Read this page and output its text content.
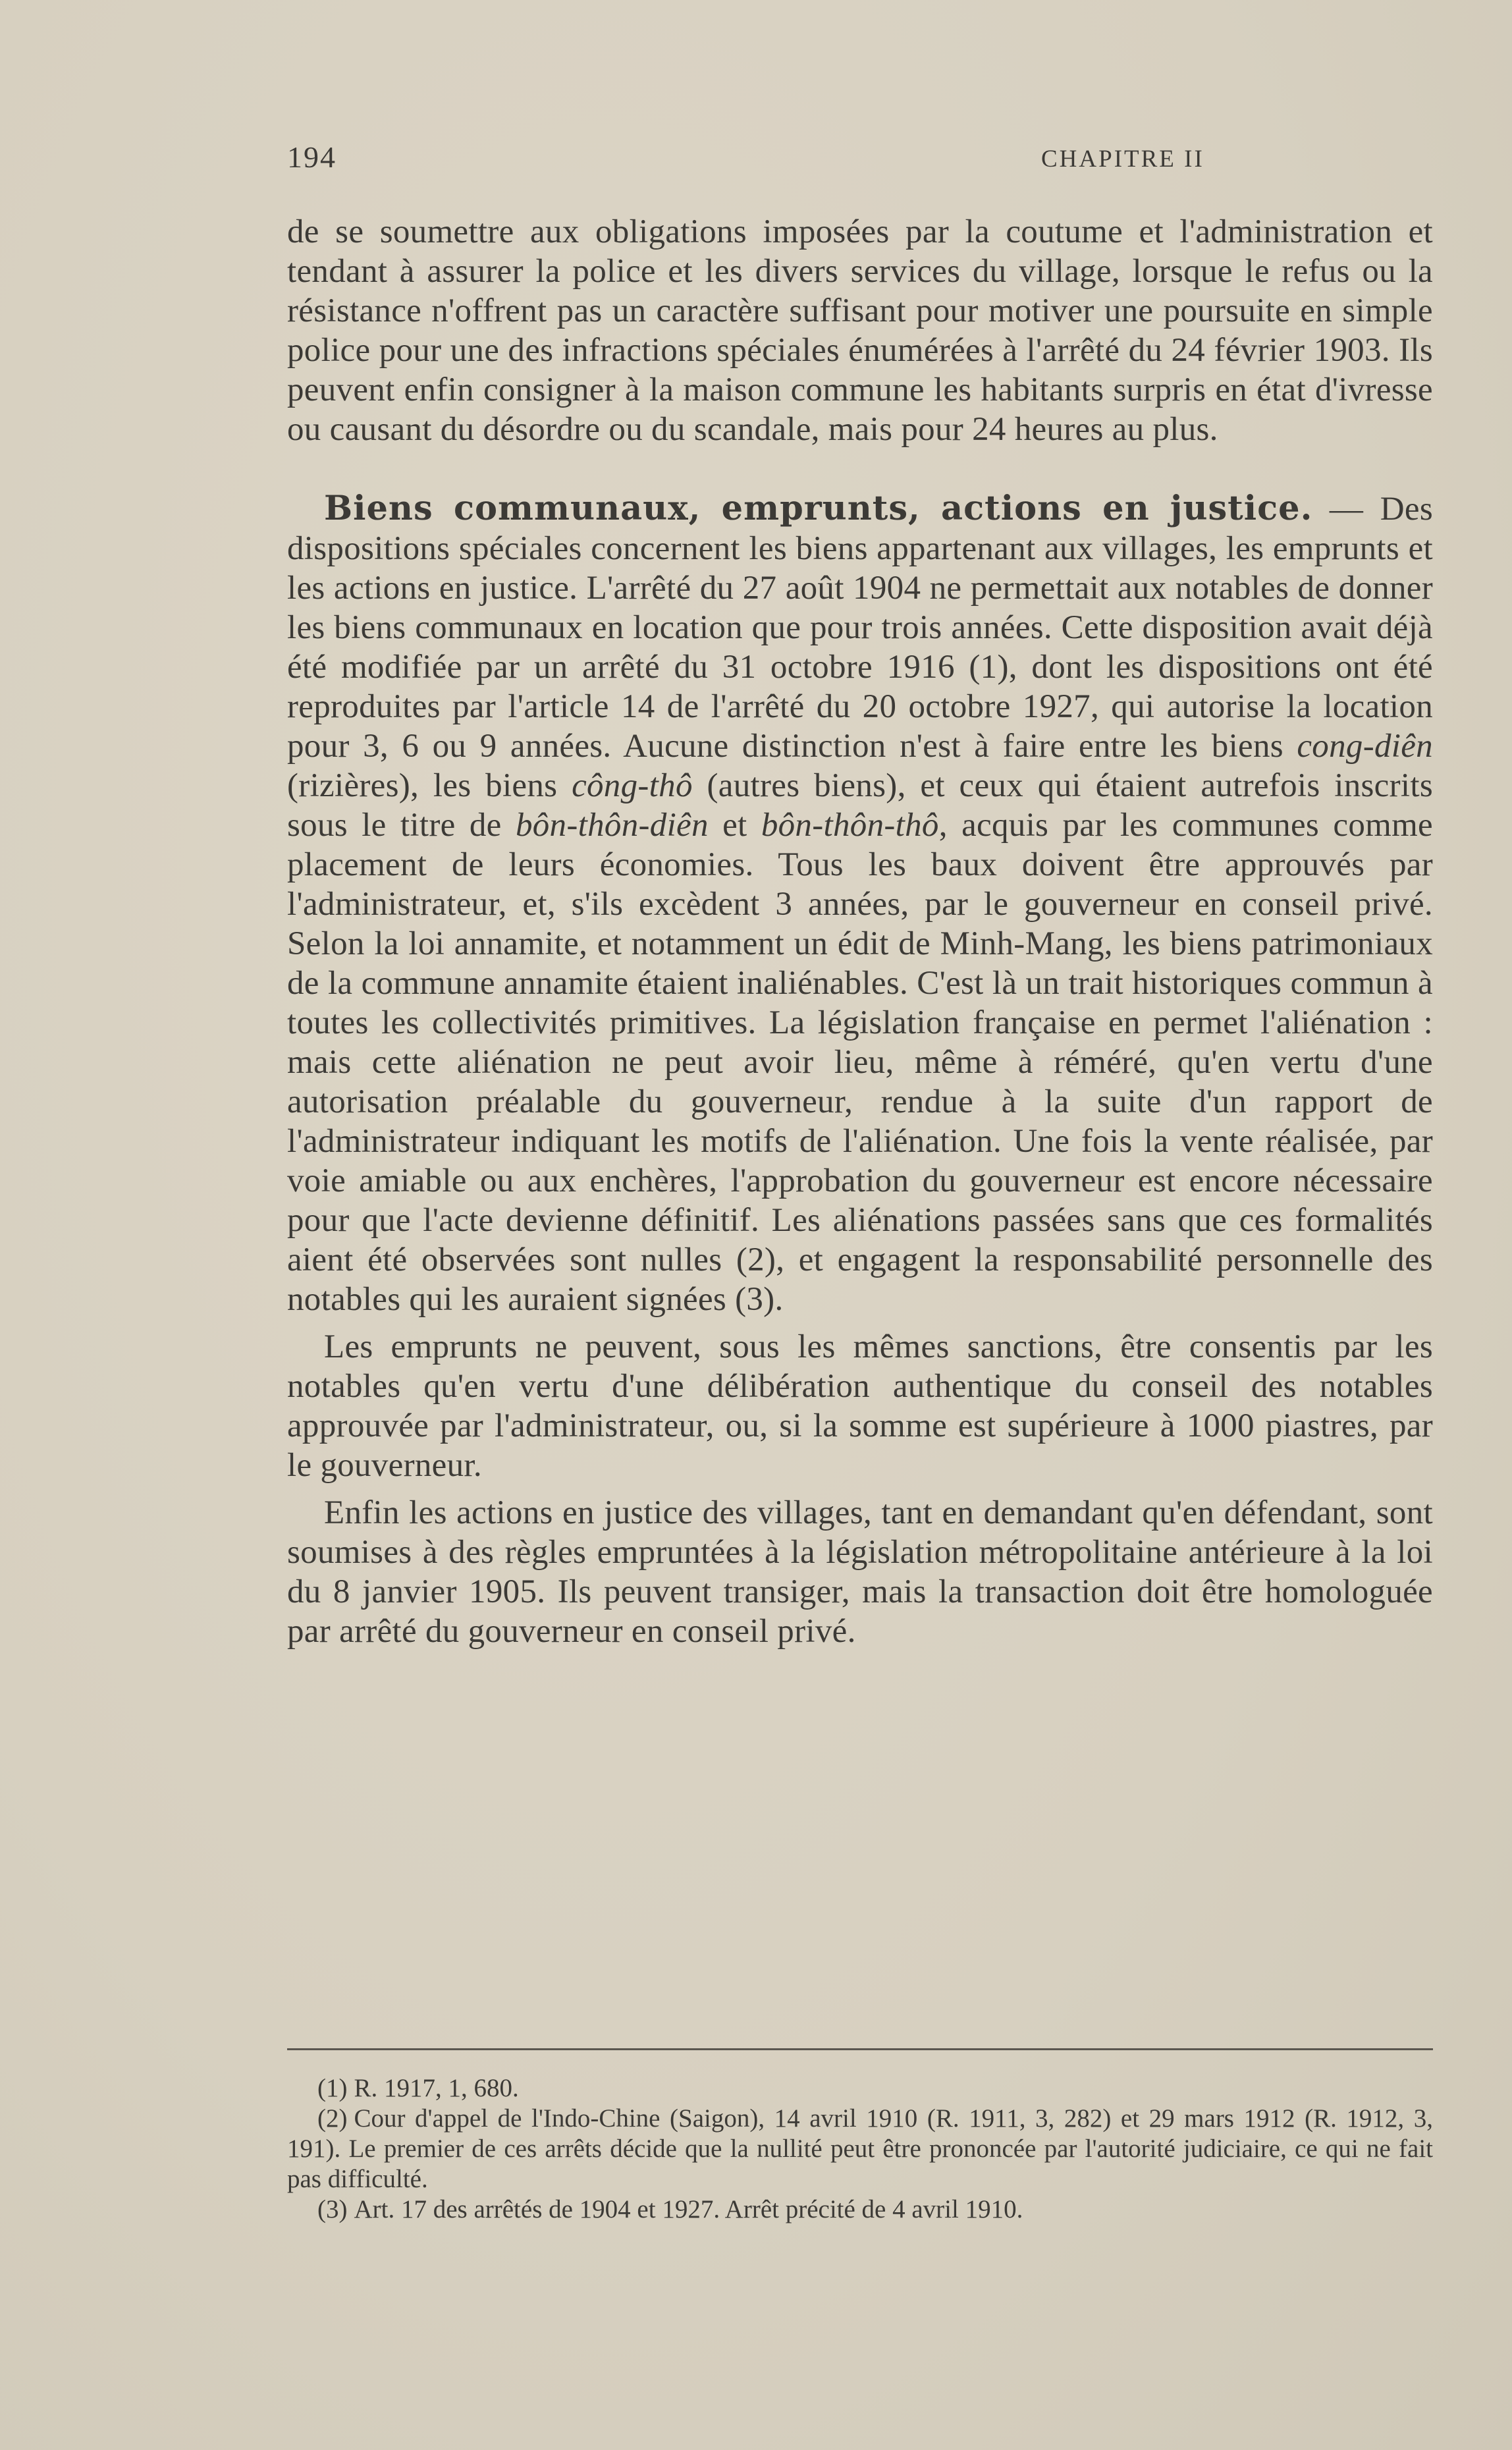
194	CHAPITRE II

de se soumettre aux obligations imposées par la coutume et l'administration et tendant à assurer la police et les divers services du village, lorsque le refus ou la résistance n'offrent pas un caractère suffisant pour motiver une poursuite en simple police pour une des infractions spéciales énumérées à l'arrêté du 24 février 1903. Ils peuvent enfin consigner à la maison commune les habitants surpris en état d'ivresse ou causant du désordre ou du scandale, mais pour 24 heures au plus.

Biens communaux, emprunts, actions en justice. — Des dispositions spéciales concernent les biens appartenant aux villages, les emprunts et les actions en justice. L'arrêté du 27 août 1904 ne permettait aux notables de donner les biens communaux en location que pour trois années. Cette disposition avait déjà été modifiée par un arrêté du 31 octobre 1916 (1), dont les dispositions ont été reproduites par l'article 14 de l'arrêté du 20 octobre 1927, qui autorise la location pour 3, 6 ou 9 années. Aucune distinction n'est à faire entre les biens cong-diên (rizières), les biens công-thô (autres biens), et ceux qui étaient autrefois inscrits sous le titre de bôn-thôn-diên et bôn-thôn-thô, acquis par les communes comme placement de leurs économies. Tous les baux doivent être approuvés par l'administrateur, et, s'ils excèdent 3 années, par le gouverneur en conseil privé. Selon la loi annamite, et notamment un édit de Minh-Mang, les biens patrimoniaux de la commune annamite étaient inaliénables. C'est là un trait historiques commun à toutes les collectivités primitives. La législation française en permet l'aliénation : mais cette aliénation ne peut avoir lieu, même à réméré, qu'en vertu d'une autorisation préalable du gouverneur, rendue à la suite d'un rapport de l'administrateur indiquant les motifs de l'aliénation. Une fois la vente réalisée, par voie amiable ou aux enchères, l'approbation du gouverneur est encore nécessaire pour que l'acte devienne définitif. Les aliénations passées sans que ces formalités aient été observées sont nulles (2), et engagent la responsabilité personnelle des notables qui les auraient signées (3).

Les emprunts ne peuvent, sous les mêmes sanctions, être consentis par les notables qu'en vertu d'une délibération authentique du conseil des notables approuvée par l'administrateur, ou, si la somme est supérieure à 1000 piastres, par le gouverneur.

Enfin les actions en justice des villages, tant en demandant qu'en défendant, sont soumises à des règles empruntées à la législation métropolitaine antérieure à la loi du 8 janvier 1905. Ils peuvent transiger, mais la transaction doit être homologuée par arrêté du gouverneur en conseil privé.

(1) R. 1917, 1, 680.

(2) Cour d'appel de l'Indo-Chine (Saigon), 14 avril 1910 (R. 1911, 3, 282) et 29 mars 1912 (R. 1912, 3, 191). Le premier de ces arrêts décide que la nullité peut être prononcée par l'autorité judiciaire, ce qui ne fait pas difficulté.

(3) Art. 17 des arrêtés de 1904 et 1927. Arrêt précité de 4 avril 1910.
